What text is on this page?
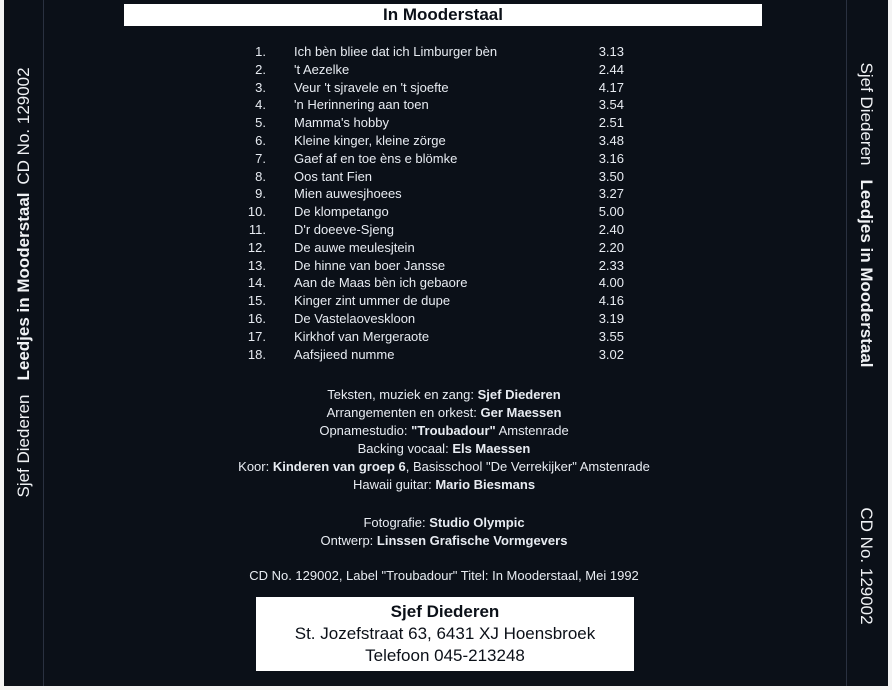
In Mooderstaal
1. Ich bèn bliee dat ich Limburger bèn	3.13
2. 't Aezelke	2.44
3. Veur 't sjravele en 't sjoefte	4.17
4. 'n Herinnering aan toen	3.54
5. Mamma's hobby	2.51
6. Kleine kinger, kleine zörge	3.48
7. Gaef af en toe èns e blömke	3.16
8. Oos tant Fien	3.50
9. Mien auwesjhoees	3.27
10. De klompetango	5.00
11. D'r doeeve-Sjeng	2.40
12. De auwe meulesjtein	2.20
13. De hinne van boer Jansse	2.33
14. Aan de Maas bèn ich gebaore	4.00
15. Kinger zint ummer de dupe	4.16
16. De Vastelaoveskloon	3.19
17. Kirkhof van Mergeraote	3.55
18. Aafsjieed numme	3.02
Teksten, muziek en zang: Sjef Diederen
Arrangementen en orkest: Ger Maessen
Opnamestudio: "Troubadour" Amstenrade
Backing vocaal: Els Maessen
Koor: Kinderen van groep 6, Basisschool "De Verrekijker" Amstenrade
Hawaii guitar: Mario Biesmans
Fotografie: Studio Olympic
Ontwerp: Linssen Grafische Vormgevers
CD No. 129002, Label "Troubadour" Titel: In Mooderstaal, Mei 1992
Sjef Diederen
St. Jozefstraat 63, 6431 XJ Hoensbroek
Telefoon 045-213248
Sjef DiederenLeedjes in Mooderstaal
CD No. 129002	Sjef DiederenLeedjes in Mooderstaal
CD No. 129002
